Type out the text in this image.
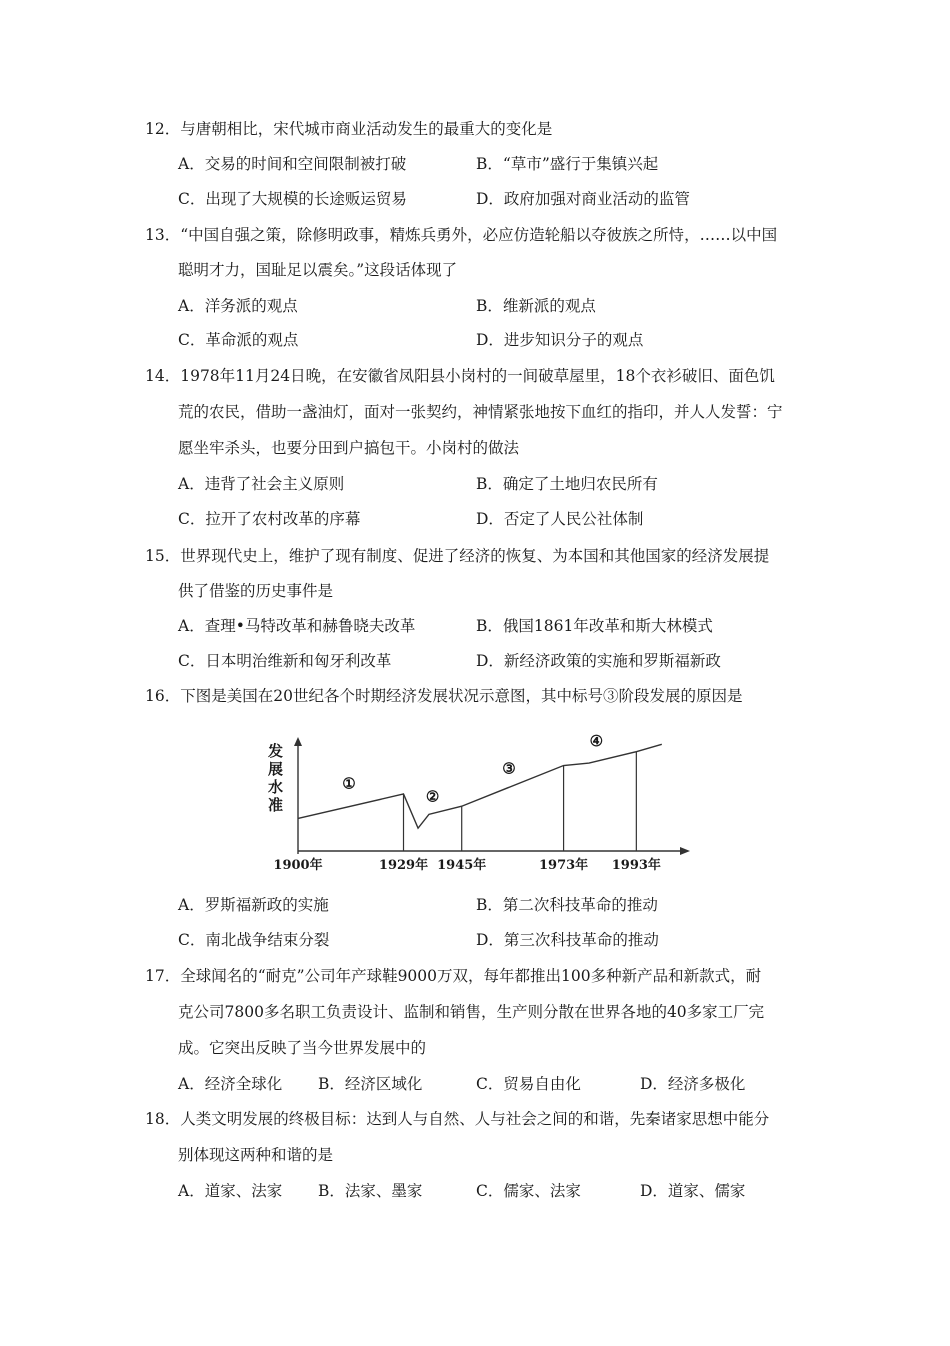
12．与唐朝相比，宋代城市商业活动发生的最重大的变化是
A．交易的时间和空间限制被打破	B．“草市”盛行于集镇兴起
C．出现了大规模的长途贩运贸易	D．政府加强对商业活动的监管
13．“中国自强之策，除修明政事，精炼兵勇外，必应仿造轮船以夺彼族之所恃，……以中国
聪明才力，国耻足以震矣。”这段话体现了
A．洋务派的观点	B．维新派的观点
C．革命派的观点	D．进步知识分子的观点
14．1978年11月24日晚，在安徽省凤阳县小岗村的一间破草屋里，18个衣衫破旧、面色饥
荒的农民，借助一盏油灯，面对一张契约，神情紧张地按下血红的指印，并人人发誓：宁
愿坐牢杀头，也要分田到户搞包干。小岗村的做法
A．违背了社会主义原则	B．确定了土地归农民所有
C．拉开了农村改革的序幕	D．否定了人民公社体制
15．世界现代史上，维护了现有制度、促进了经济的恢复、为本国和其他国家的经济发展提
供了借鉴的历史事件是
A．查理•马特改革和赫鲁晓夫改革	B．俄国1861年改革和斯大林模式
C．日本明治维新和匈牙利改革	D．新经济政策的实施和罗斯福新政
16．下图是美国在20世纪各个时期经济发展状况示意图，其中标号③阶段发展的原因是
发
展
水
准
①
②
③
④
1900年	1929年 1945年	1973年 1993年
A．罗斯福新政的实施	B．第二次科技革命的推动
C．南北战争结束分裂	D．第三次科技革命的推动
17．全球闻名的“耐克”公司年产球鞋9000万双，每年都推出100多种新产品和新款式，耐
克公司7800多名职工负责设计、监制和销售，生产则分散在世界各地的40多家工厂完
成。它突出反映了当今世界发展中的
A．经济全球化 B．经济区域化	C．贸易自由化	D．经济多极化
18．人类文明发展的终极目标：达到人与自然、人与社会之间的和谐，先秦诸家思想中能分
别体现这两种和谐的是
A．道家、法家 B．法家、墨家	C．儒家、法家	D．道家、儒家
